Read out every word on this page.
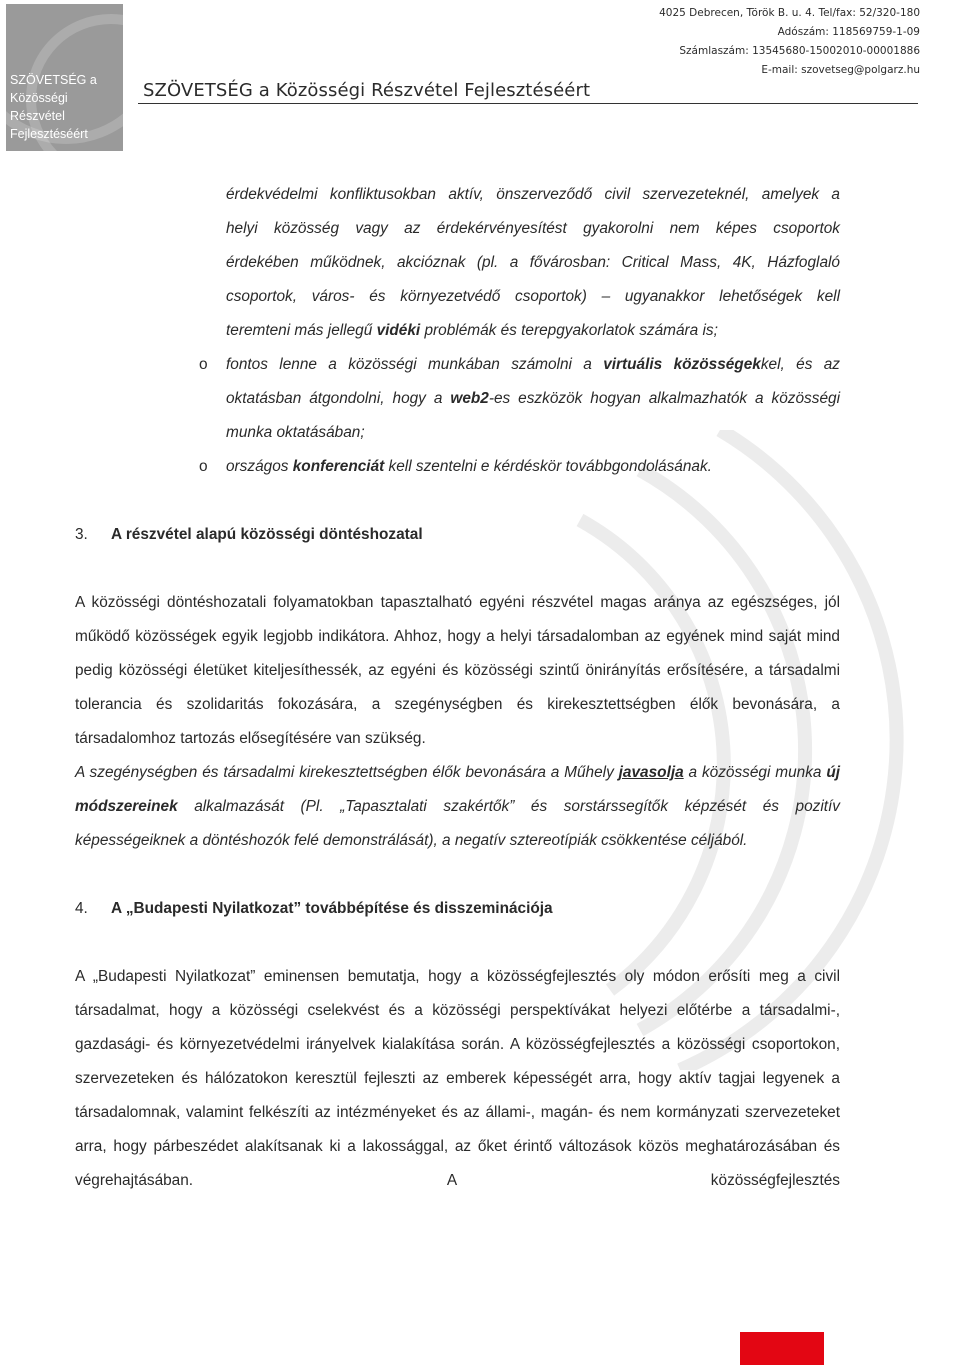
SZÖVETSÉG a
Közösségi Részvétel
Fejlesztéséért
SZÖVETSÉG a Közösségi Részvétel Fejlesztéséért
4025 Debrecen, Török B. u. 4. Tel/fax: 52/320-180
Adószám: 118569759-1-09
Számlaszám: 13545680-15002010-00001886
E-mail: szovetseg@polgarz.hu

érdekvédelmi konfliktusokban aktív, önszerveződő civil szervezeteknél, amelyek a

helyi közösség vagy az érdekérvényesítést gyakorolni nem képes csoportok

érdekében működnek, akcióznak (pl. a fővárosban: Critical Mass, 4K, Házfoglaló

csoportok, város- és környezetvédő csoportok) – ugyanakkor lehetőségek kell

teremteni más jellegű vidéki problémák és terepgyakorlatok számára is;

o fontos lenne a közösségi munkában számolni a virtuális közösségekkel, és az oktatásban átgondolni, hogy a web2-es eszközök hogyan alkalmazhatók a közösségi munka oktatásában;

o országos konferenciát kell szentelni e kérdéskör továbbgondolásának.

3. A részvétel alapú közösségi döntéshozatal

A közösségi döntéshozatali folyamatokban tapasztalható egyéni részvétel magas aránya az egészséges, jól működő közösségek egyik legjobb indikátora. Ahhoz, hogy a helyi társadalomban az egyének mind saját mind pedig közösségi életüket kiteljesíthessék, az egyéni és közösségi szintű önirányítás erősítésére, a társadalmi tolerancia és szolidaritás fokozására, a szegénységben és kirekesztettségben élők bevonására, a társadalomhoz tartozás elősegítésére van szükség.

A szegénységben és társadalmi kirekesztettségben élők bevonására a Műhely javasolja a közösségi munka új módszereinek alkalmazását (Pl. „Tapasztalati szakértők” és sorstárssegítők képzését és pozitív képességeiknek a döntéshozók felé demonstrálását), a negatív sztereotípiák csökkentése céljából.

4. A „Budapesti Nyilatkozat” továbbépítése és disszeminációja

A „Budapesti Nyilatkozat” eminensen bemutatja, hogy a közösségfejlesztés oly módon erősíti meg a civil társadalmat, hogy a közösségi cselekvést és a közösségi perspektívákat helyezi előtérbe a társadalmi-, gazdasági- és környezetvédelmi irányelvek kialakítása során. A közösségfejlesztés a közösségi csoportokon, szervezeteken és hálózatokon keresztül fejleszti az emberek képességét arra, hogy aktív tagjai legyenek a társadalomnak, valamint felkészíti az intézményeket és az állami-, magán- és nem kormányzati szervezeteket arra, hogy párbeszédet alakítsanak ki a lakossággal, az őket érintő változások közös meghatározásában és végrehajtásában. A közösségfejlesztés
